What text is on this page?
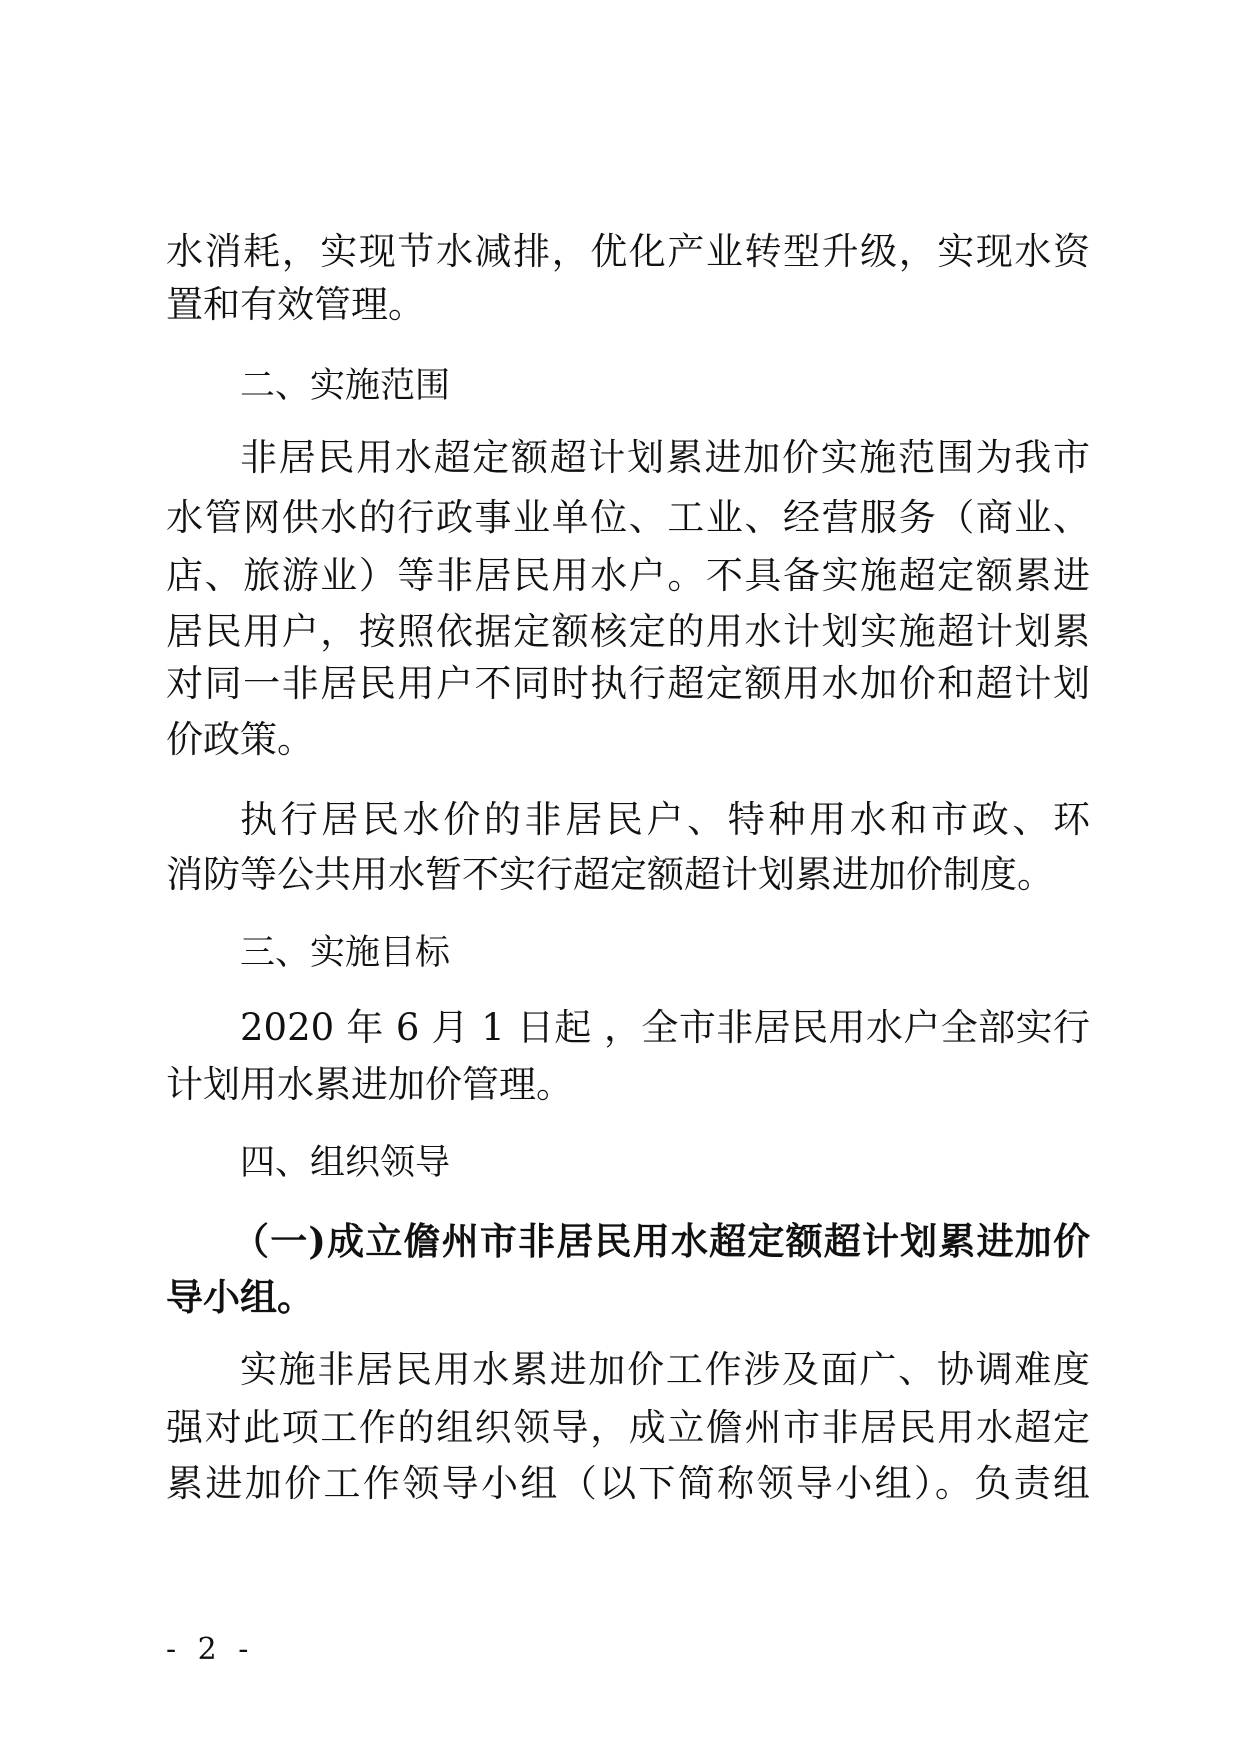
水消耗，实现节水减排，优化产业转型升级，实现水资
置和有效管理。
二、实施范围
非居民用水超定额超计划累进加价实施范围为我市
水管网供水的行政事业单位、工业、经营服务（商业、
店、旅游业）等非居民用水户。不具备实施超定额累进
居民用户，按照依据定额核定的用水计划实施超计划累
对同一非居民用户不同时执行超定额用水加价和超计划
价政策。
执行居民水价的非居民户、特种用水和市政、环
消防等公共用水暂不实行超定额超计划累进加价制度。
三、实施目标
2020 年 6 月 1 日起 ，全市非居民用水户全部实行
计划用水累进加价管理。
四、组织领导
（一)成立儋州市非居民用水超定额超计划累进加价
导小组。
实施非居民用水累进加价工作涉及面广、协调难度
强对此项工作的组织领导，成立儋州市非居民用水超定
累进加价工作领导小组（以下简称领导小组）。负责组
- 2 -
